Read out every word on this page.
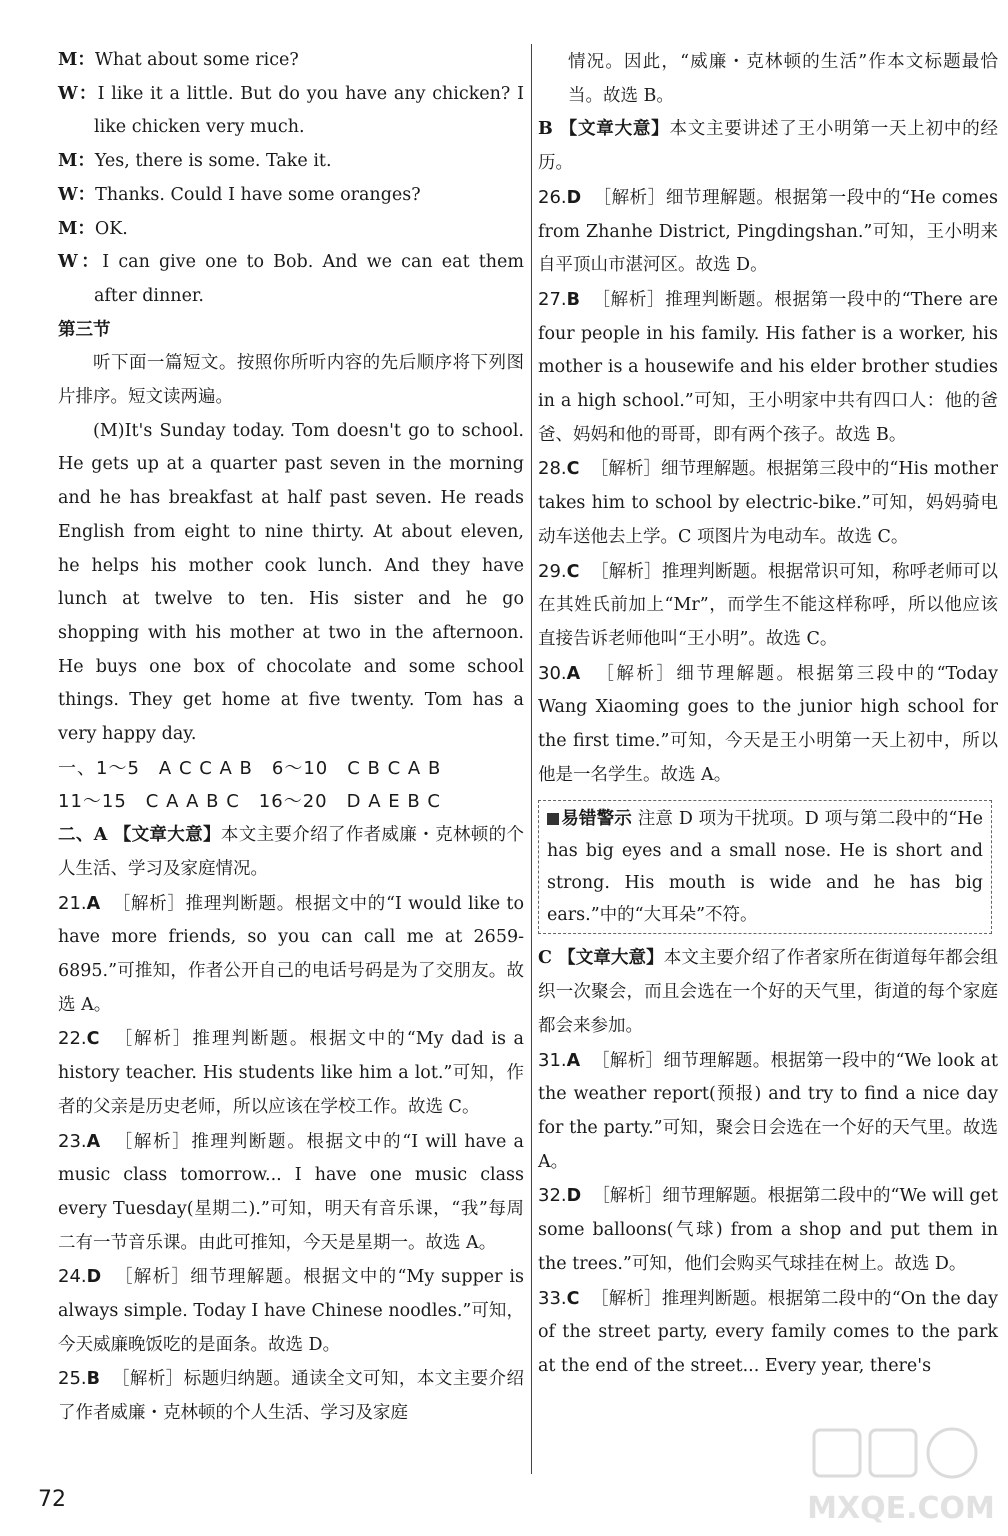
M：What about some rice?

W：I like it a little. But do you have any chicken? I like chicken very much.

M：Yes, there is some. Take it.

W：Thanks. Could I have some oranges?

M：OK.

W：I can give one to Bob. And we can eat them after dinner.

第三节

听下面一篇短文。按照你所听内容的先后顺序将下列图片排序。短文读两遍。

(M)It's Sunday today. Tom doesn't go to school. He gets up at a quarter past seven in the morning and he has breakfast at half past seven. He reads English from eight to nine thirty. At about eleven, he helps his mother cook lunch. And they have lunch at twelve to ten. His sister and he go shopping with his mother at two in the afternoon. He buys one box of chocolate and some school things. They get home at five twenty. Tom has a very happy day.

一、1～5　A C C A B　6～10　C B C A B

11～15　C A A B C　16～20　D A E B C

二、A 【文章大意】本文主要介绍了作者威廉・克林顿的个人生活、学习及家庭情况。

21.A ［解析］推理判断题。根据文中的“I would like to have more friends, so you can call me at 2659-6895.”可推知，作者公开自己的电话号码是为了交朋友。故选 A。

22.C ［解析］推理判断题。根据文中的“My dad is a history teacher. His students like him a lot.”可知，作者的父亲是历史老师，所以应该在学校工作。故选 C。

23.A ［解析］推理判断题。根据文中的“I will have a music class tomorrow... I have one music class every Tuesday(星期二).”可知，明天有音乐课，“我”每周二有一节音乐课。由此可推知，今天是星期一。故选 A。

24.D ［解析］细节理解题。根据文中的“My supper is always simple. Today I have Chinese noodles.”可知，今天威廉晚饭吃的是面条。故选 D。

25.B ［解析］标题归纳题。通读全文可知，本文主要介绍了作者威廉・克林顿的个人生活、学习及家庭

情况。因此，“威廉・克林顿的生活”作本文标题最恰当。故选 B。

B 【文章大意】本文主要讲述了王小明第一天上初中的经历。

26.D ［解析］细节理解题。根据第一段中的“He comes from Zhanhe District, Pingdingshan.”可知，王小明来自平顶山市湛河区。故选 D。

27.B ［解析］推理判断题。根据第一段中的“There are four people in his family. His father is a worker, his mother is a housewife and his elder brother studies in a high school.”可知，王小明家中共有四口人：他的爸爸、妈妈和他的哥哥，即有两个孩子。故选 B。

28.C ［解析］细节理解题。根据第三段中的“His mother takes him to school by electric-bike.”可知，妈妈骑电动车送他去上学。C 项图片为电动车。故选 C。

29.C ［解析］推理判断题。根据常识可知，称呼老师可以在其姓氏前加上“Mr”，而学生不能这样称呼，所以他应该直接告诉老师他叫“王小明”。故选 C。

30.A ［解析］细节理解题。根据第三段中的“Today Wang Xiaoming goes to the junior high school for the first time.”可知，今天是王小明第一天上初中，所以他是一名学生。故选 A。

易错警示 注意 D 项为干扰项。D 项与第二段中的“He has big eyes and a small nose. He is short and strong. His mouth is wide and he has big ears.”中的“大耳朵”不符。

C 【文章大意】本文主要介绍了作者家所在街道每年都会组织一次聚会，而且会选在一个好的天气里，街道的每个家庭都会来参加。

31.A ［解析］细节理解题。根据第一段中的“We look at the weather report(预报) and try to find a nice day for the party.”可知，聚会日会选在一个好的天气里。故选 A。

32.D ［解析］细节理解题。根据第二段中的“We will get some balloons(气球) from a shop and put them in the trees.”可知，他们会购买气球挂在树上。故选 D。

33.C ［解析］推理判断题。根据第二段中的“On the day of the street party, every family comes to the park at the end of the street... Every year, there's

72	MXQE.COM
